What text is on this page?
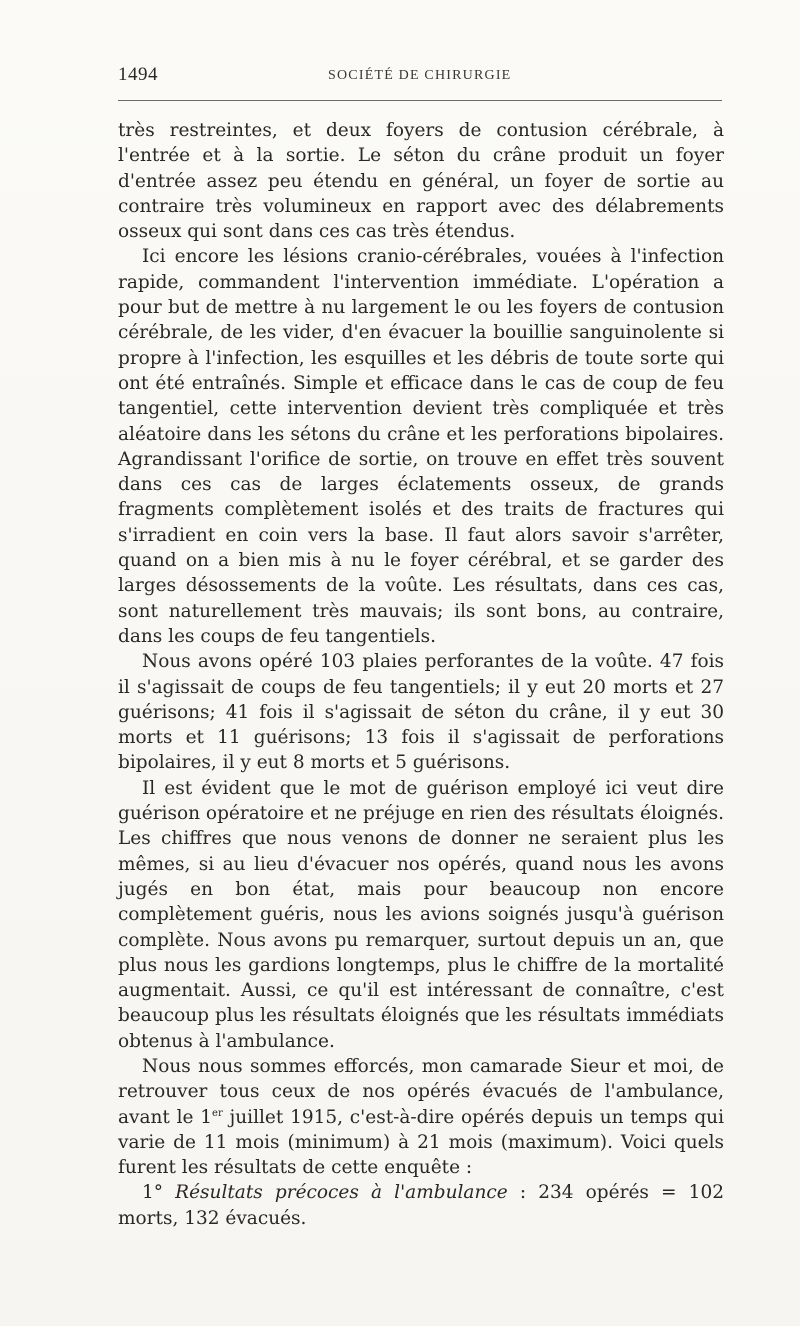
1494	SOCIÉTÉ DE CHIRURGIE

très restreintes, et deux foyers de contusion cérébrale, à l'entrée et à la sortie. Le séton du crâne produit un foyer d'entrée assez peu étendu en général, un foyer de sortie au contraire très volumineux en rapport avec des délabrements osseux qui sont dans ces cas très étendus.

Ici encore les lésions cranio-cérébrales, vouées à l'infection rapide, commandent l'intervention immédiate. L'opération a pour but de mettre à nu largement le ou les foyers de contusion cérébrale, de les vider, d'en évacuer la bouillie sanguinolente si propre à l'infection, les esquilles et les débris de toute sorte qui ont été entraînés. Simple et efficace dans le cas de coup de feu tangentiel, cette intervention devient très compliquée et très aléatoire dans les sétons du crâne et les perforations bipolaires. Agrandissant l'orifice de sortie, on trouve en effet très souvent dans ces cas de larges éclatements osseux, de grands fragments complètement isolés et des traits de fractures qui s'irradient en coin vers la base. Il faut alors savoir s'arrêter, quand on a bien mis à nu le foyer cérébral, et se garder des larges désossements de la voûte. Les résultats, dans ces cas, sont naturellement très mauvais; ils sont bons, au contraire, dans les coups de feu tangentiels.

Nous avons opéré 103 plaies perforantes de la voûte. 47 fois il s'agissait de coups de feu tangentiels; il y eut 20 morts et 27 guérisons; 41 fois il s'agissait de séton du crâne, il y eut 30 morts et 11 guérisons; 13 fois il s'agissait de perforations bipolaires, il y eut 8 morts et 5 guérisons.

Il est évident que le mot de guérison employé ici veut dire guérison opératoire et ne préjuge en rien des résultats éloignés. Les chiffres que nous venons de donner ne seraient plus les mêmes, si au lieu d'évacuer nos opérés, quand nous les avons jugés en bon état, mais pour beaucoup non encore complètement guéris, nous les avions soignés jusqu'à guérison complète. Nous avons pu remarquer, surtout depuis un an, que plus nous les gardions longtemps, plus le chiffre de la mortalité augmentait. Aussi, ce qu'il est intéressant de connaître, c'est beaucoup plus les résultats éloignés que les résultats immédiats obtenus à l'ambulance.

Nous nous sommes efforcés, mon camarade Sieur et moi, de retrouver tous ceux de nos opérés évacués de l'ambulance, avant le 1er juillet 1915, c'est-à-dire opérés depuis un temps qui varie de 11 mois (minimum) à 21 mois (maximum). Voici quels furent les résultats de cette enquête :

1° Résultats précoces à l'ambulance : 234 opérés = 102 morts, 132 évacués.
